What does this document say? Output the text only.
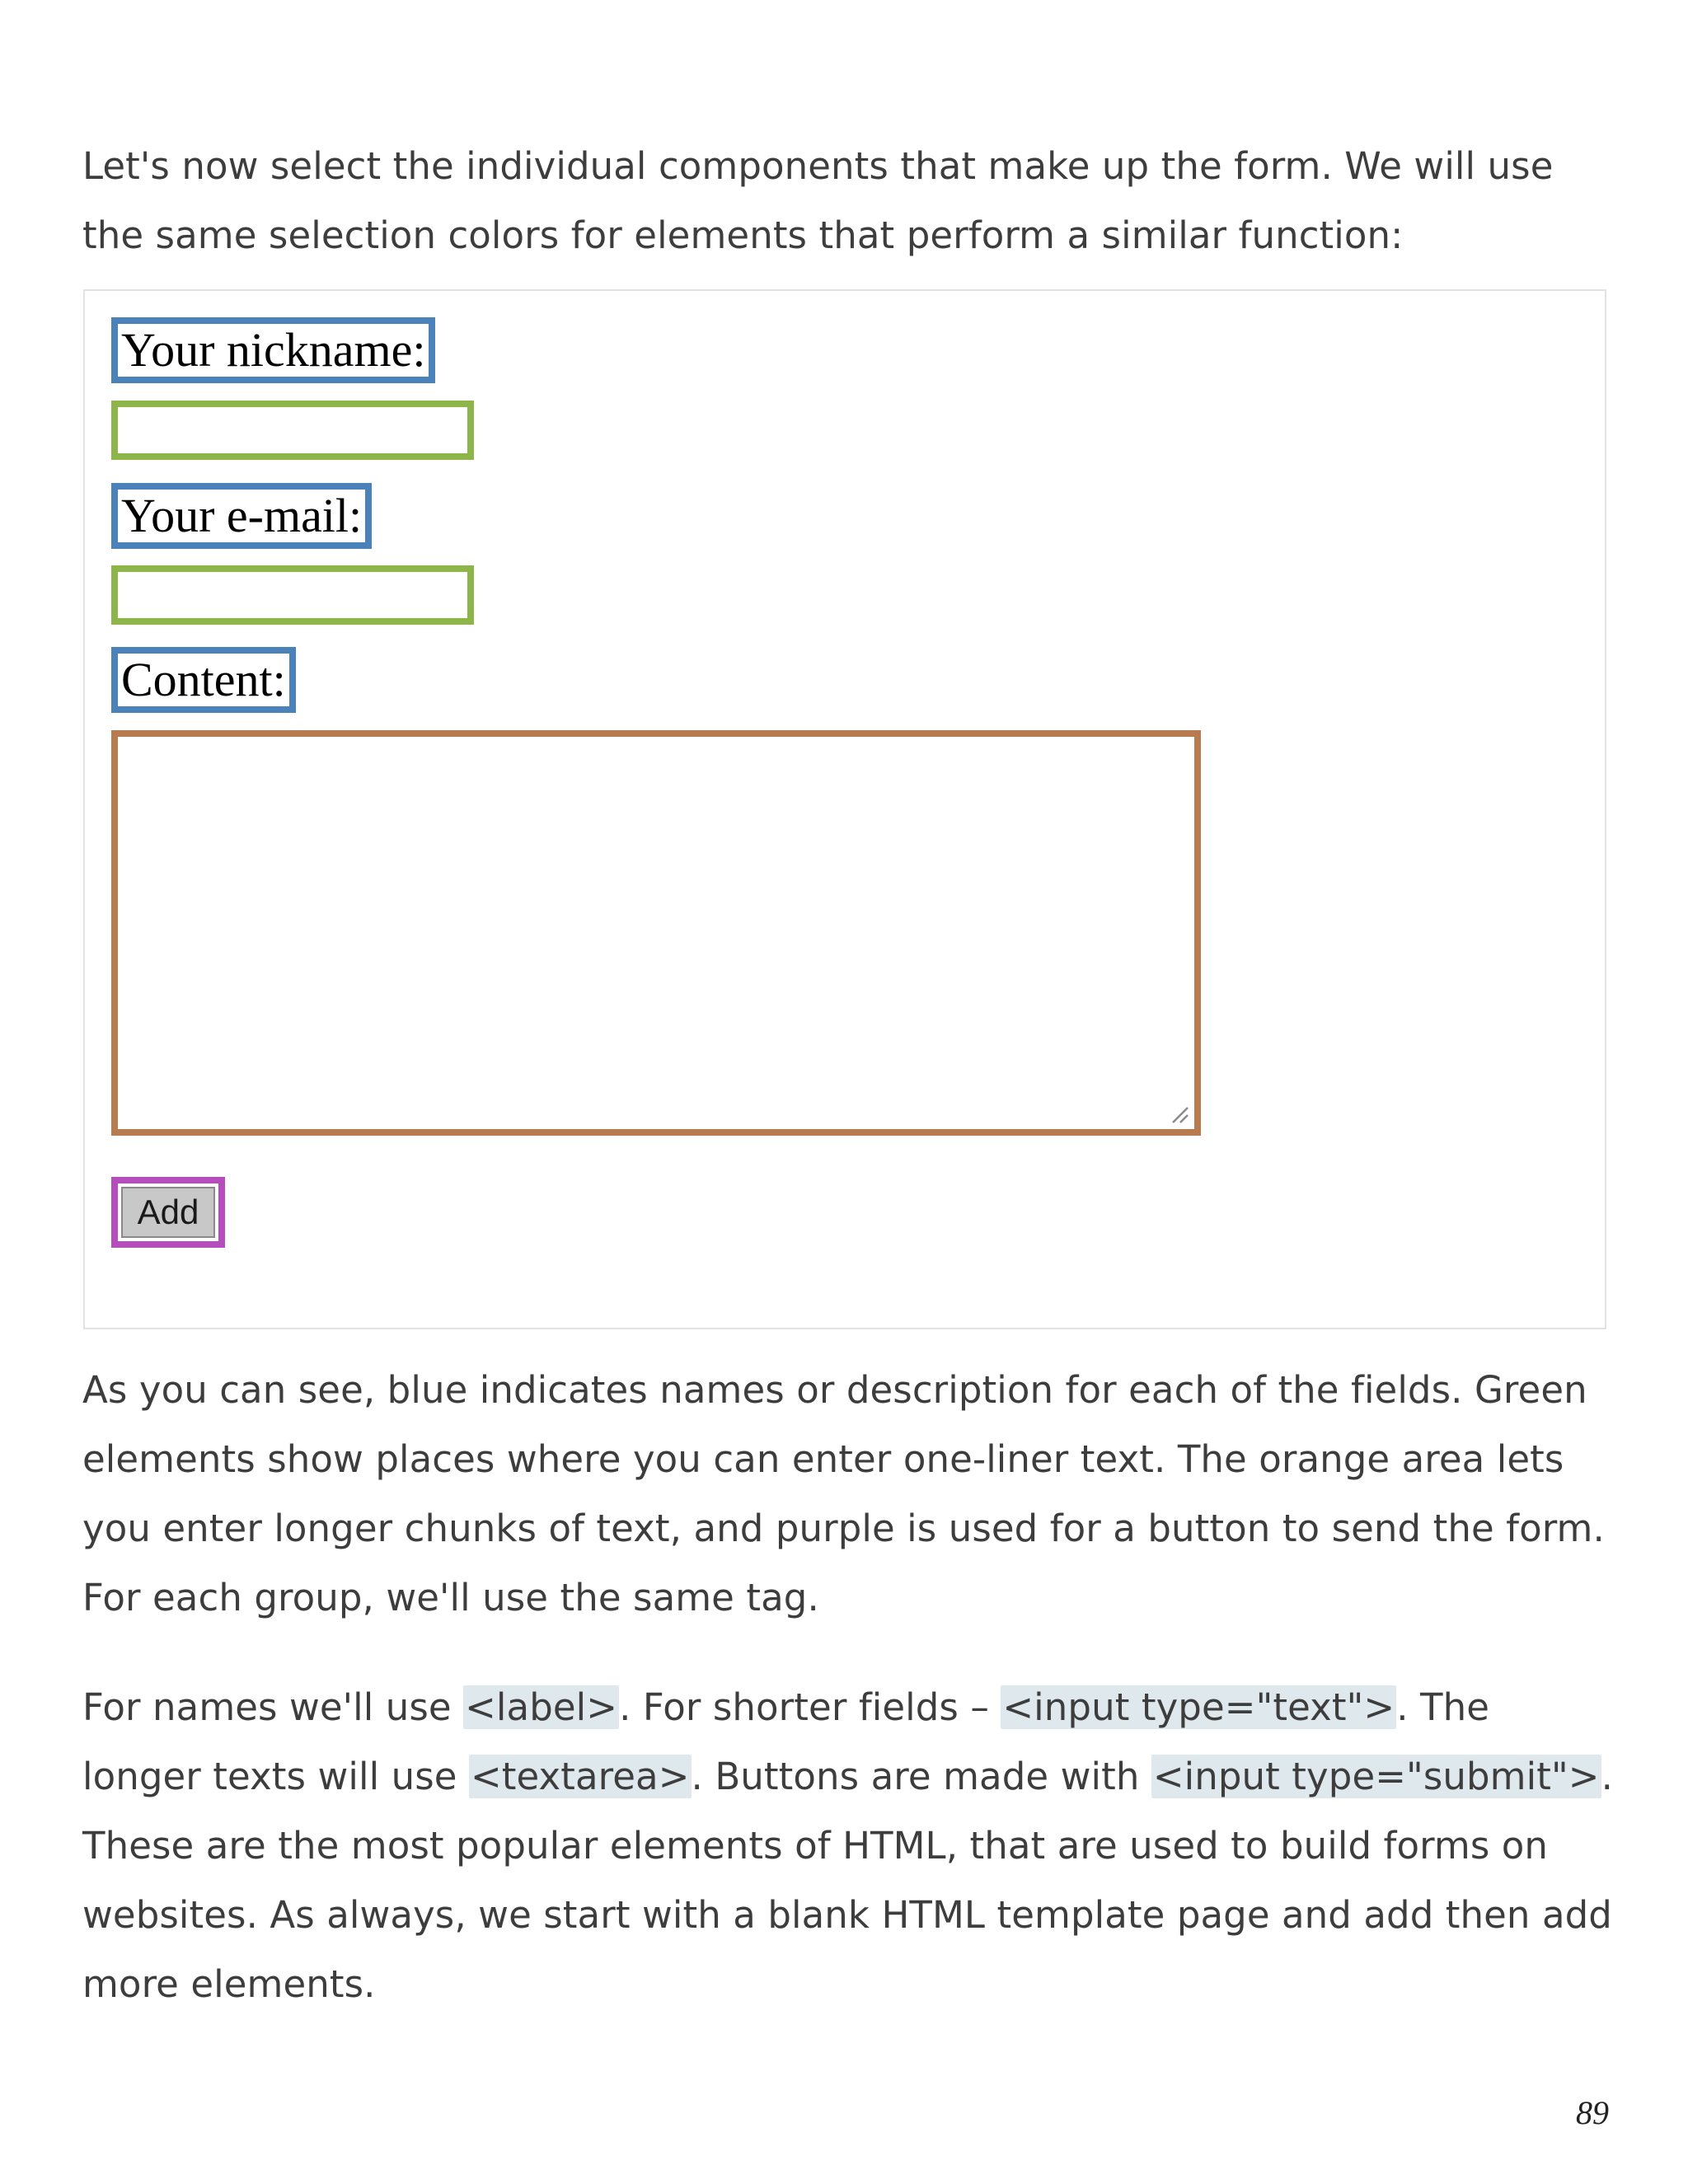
Let's now select the individual components that make up the form. We will use the same selection colors for elements that perform a similar function:

Your nickname:
Your e-mail:
Content:
Add

As you can see, blue indicates names or description for each of the fields. Green elements show places where you can enter one-liner text. The orange area lets you enter longer chunks of text, and purple is used for a button to send the form. For each group, we'll use the same tag.

For names we'll use <label>. For shorter fields – <input type="text">. The longer texts will use <textarea>. Buttons are made with <input type="submit">. These are the most popular elements of HTML, that are used to build forms on websites. As always, we start with a blank HTML template page and add then add more elements.

89
